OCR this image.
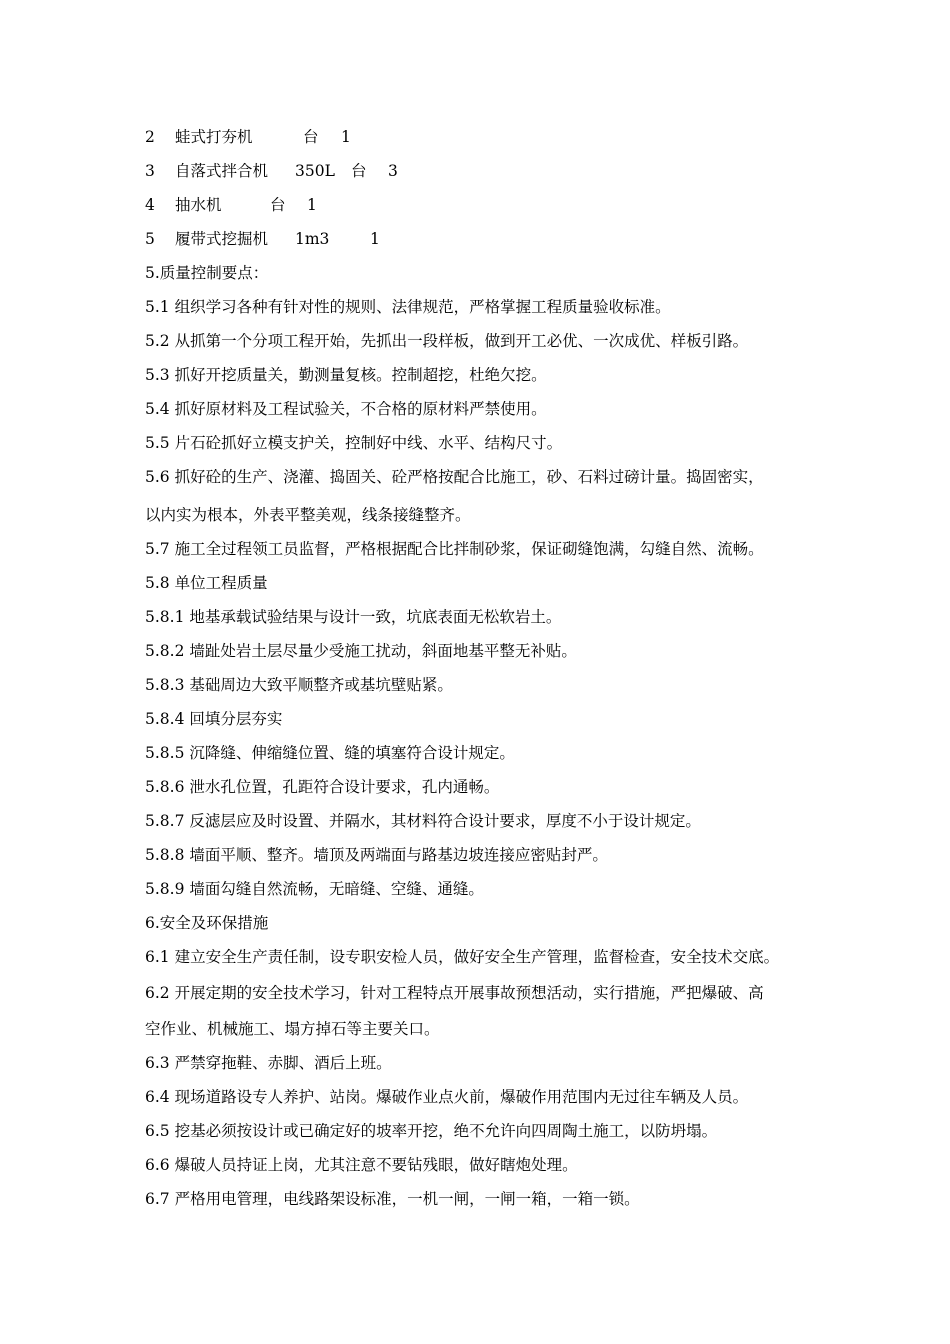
2 蛙式打夯机	台 1
3 自落式拌合机 350L 台 3
4 抽水机	台 1
5 履带式挖掘机 1m3	1
5.质量控制要点：
5.1 组织学习各种有针对性的规则、法律规范，严格掌握工程质量验收标准。
5.2 从抓第一个分项工程开始，先抓出一段样板，做到开工必优、一次成优、样板引路。
5.3 抓好开挖质量关，勤测量复核。控制超挖，杜绝欠挖。
5.4 抓好原材料及工程试验关，不合格的原材料严禁使用。
5.5 片石砼抓好立模支护关，控制好中线、水平、结构尺寸。
5.6 抓好砼的生产、浇灌、捣固关、砼严格按配合比施工，砂、石料过磅计量。捣固密实，
以内实为根本，外表平整美观，线条接缝整齐。
5.7 施工全过程领工员监督，严格根据配合比拌制砂浆，保证砌缝饱满，勾缝自然、流畅。
5.8 单位工程质量
5.8.1 地基承载试验结果与设计一致，坑底表面无松软岩土。
5.8.2 墙趾处岩土层尽量少受施工扰动，斜面地基平整无补贴。
5.8.3 基础周边大致平顺整齐或基坑壁贴紧。
5.8.4 回填分层夯实
5.8.5 沉降缝、伸缩缝位置、缝的填塞符合设计规定。
5.8.6 泄水孔位置，孔距符合设计要求，孔内通畅。
5.8.7 反滤层应及时设置、并隔水，其材料符合设计要求，厚度不小于设计规定。
5.8.8 墙面平顺、整齐。墙顶及两端面与路基边坡连接应密贴封严。
5.8.9 墙面勾缝自然流畅，无暗缝、空缝、通缝。
6.安全及环保措施
6.1 建立安全生产责任制，设专职安检人员，做好安全生产管理，监督检查，安全技术交底。
6.2 开展定期的安全技术学习，针对工程特点开展事故预想活动，实行措施，严把爆破、高
空作业、机械施工、塌方掉石等主要关口。
6.3 严禁穿拖鞋、赤脚、酒后上班。
6.4 现场道路设专人养护、站岗。爆破作业点火前，爆破作用范围内无过往车辆及人员。
6.5 挖基必须按设计或已确定好的坡率开挖，绝不允许向四周陶土施工，以防坍塌。
6.6 爆破人员持证上岗，尤其注意不要钻残眼，做好瞎炮处理。
6.7 严格用电管理，电线路架设标准，一机一闸，一闸一箱，一箱一锁。
